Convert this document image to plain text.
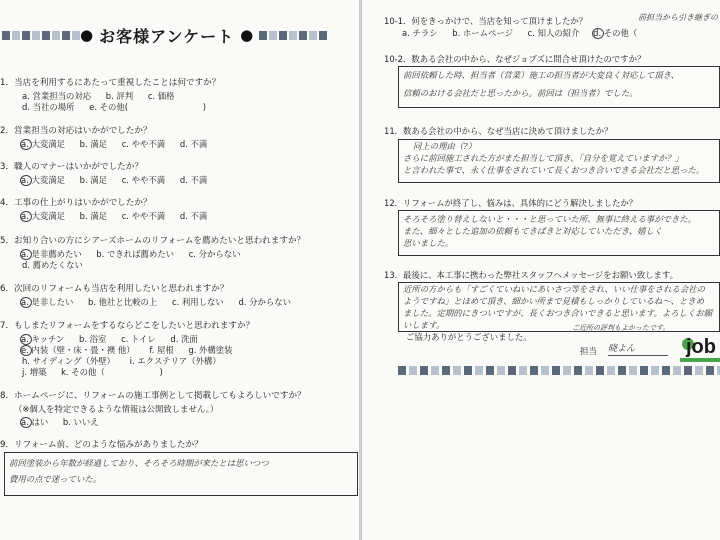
● お客様アンケート ●
1．当店を利用するにあたって重視したことは何ですか？
a. 営業担当の対応 b. 評判 c. 価格
d. 当社の場所 e. その他(	)
2．営業担当の対応はいかがでしたか？
a. 大変満足 b. 満足 c. やや不満 d. 不満
3．職人のマナーはいかがでしたか？
a. 大変満足 b. 満足 c. やや不満 d. 不満
4．工事の仕上がりはいかがでしたか？
a. 大変満足 b. 満足 c. やや不満 d. 不満
5．お知り合いの方にシアーズホームのリフォームを薦めたいと思われますか？
a. 是非薦めたい b. できれば薦めたい c. 分からない
d. 薦めたくない
6．次回のリフォームも当店を利用したいと思われますか？
a. 是非したい b. 他社と比較の上 c. 利用しない d. 分からない
7．もしまたリフォームをするならどこをしたいと思われますか？
a. キッチン b. 浴室 c. トイレ d. 洗面
e. 内装（壁・床・畳・襖 他） f. 屋根 g. 外構塗装
h. サイディング（外壁） i. エクステリア（外構）
j. 増築 k. その他（	)
8．ホームページに、リフォームの施工事例として掲載してもよろしいですか？
（※個人を特定できるような情報は公開致しません。）
a. はい b. いいえ
9．リフォーム前、どのような悩みがありましたか？
前回塗装から年数が経過しており、そろそろ時期が来たとは思いつつ
費用の点で迷っていた。
10-1．何をきっかけで、当店を知って頂けましたか？
a. チラシ b. ホームページ c. 知人の紹介 d. その他（
前担当から引き継ぎの
10-2．数ある会社の中から、なぜジョブズに問合せ頂けたのですか？
前回依頼した時、担当者（営業）施工の担当者が大変良く対応して頂き、
信頼のおける会社だと思ったから。前回は（担当者）でした。
11．数ある会社の中から、なぜ当店に決めて頂けましたか？
同上の理由（?）
さらに前回施工された方がまた担当して頂き、「自分を覚えていますか？」
と言われた事で、永く仕事をされていて長くおつき合いできる会社だと思った。
12．リフォームが終了し、悩みは、具体的にどう解決しましたか？
そろそろ塗り替えしないと・・・と思っていた所、無事に終える事ができた。
また、細々とした追加の依頼もてきぱきと対応していただき、嬉しく
思いました。
13．最後に、本工事に携わった弊社スタッフへメッセージをお願い致します。
近所の方からも「すごくていねいにあいさつ等をされ、いい仕事をされる会社の
ようですね」とほめて頂き、細かい所まで見積もしっかりしているね～、ときめ
ました。定期的にきついですが、長くおつき合いできると思います。よろしくお願
いします。	ご近所の評判もよかったです。
ご協力ありがとうございました。
担当 晓よん	job
